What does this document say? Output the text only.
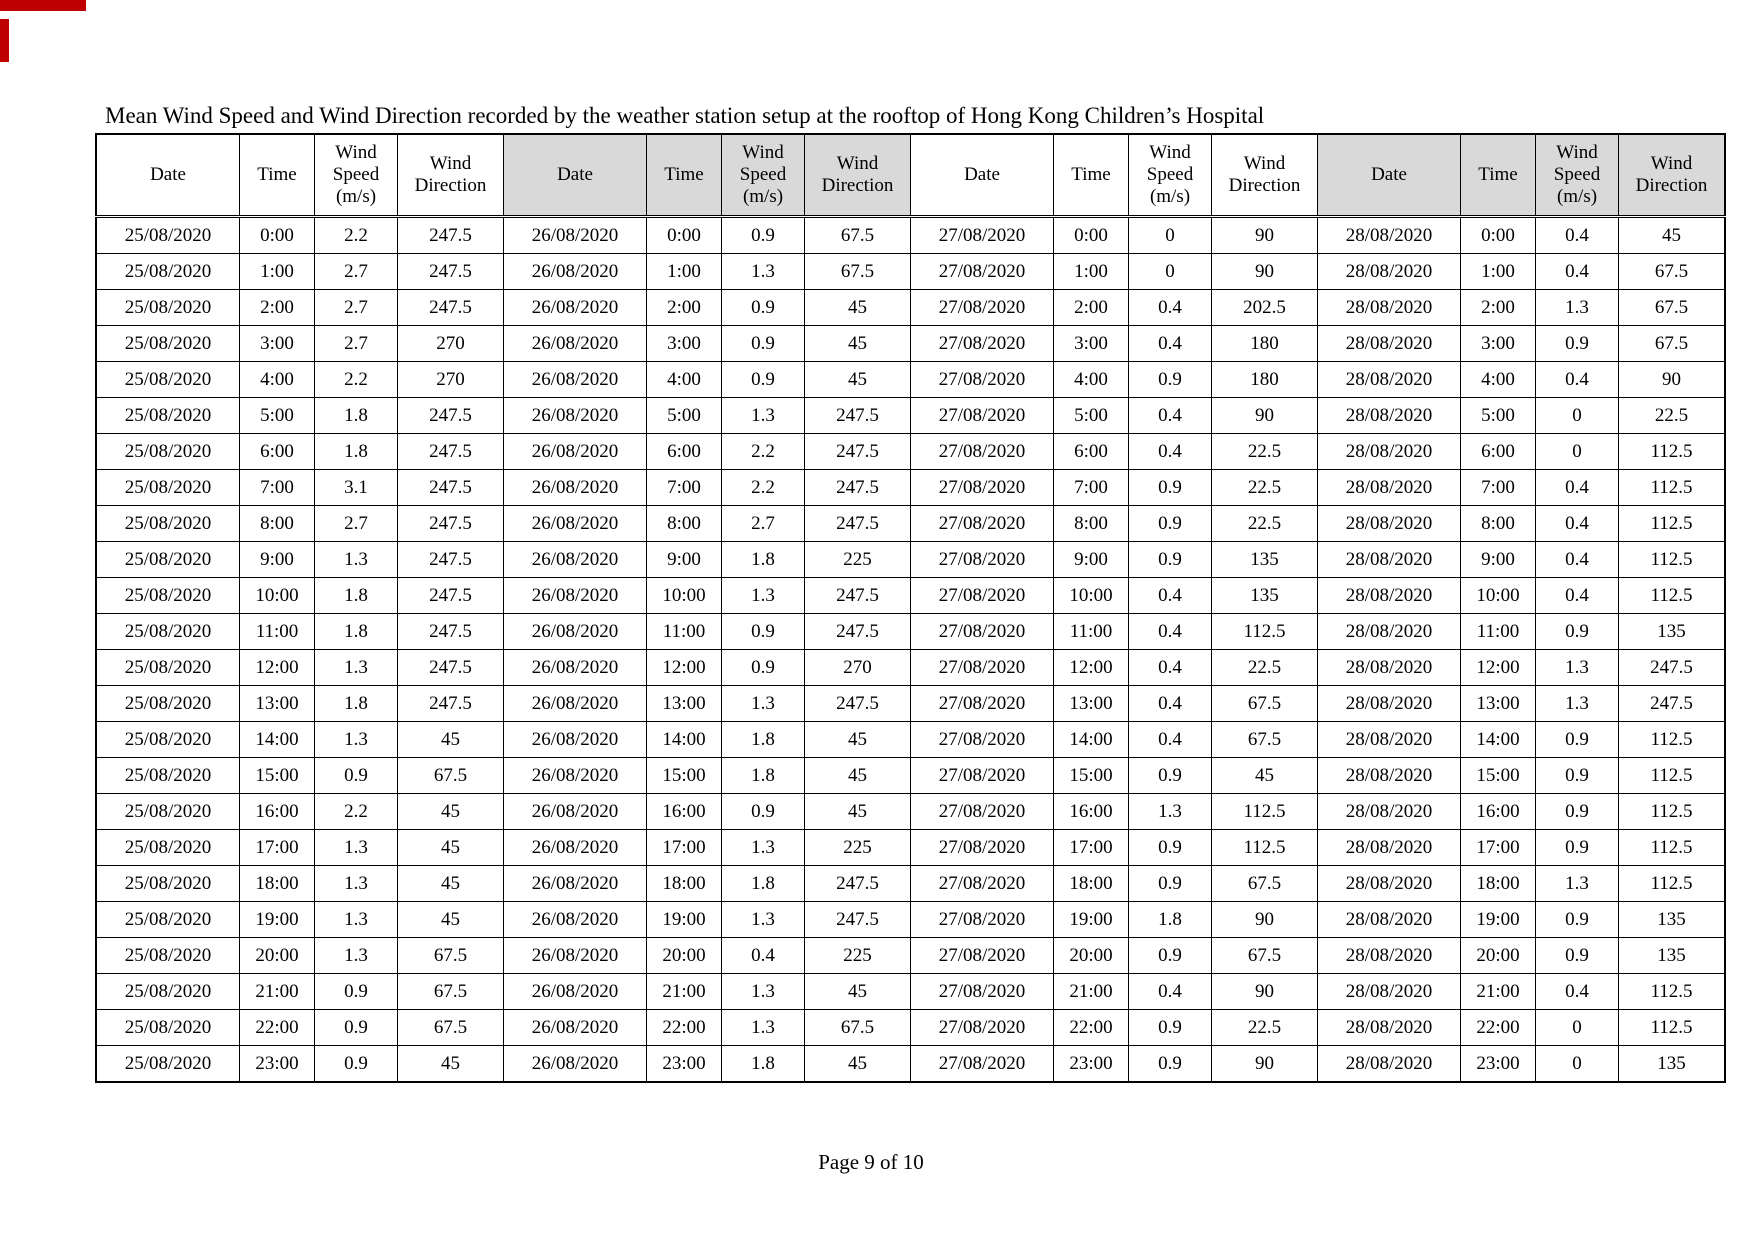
Mean Wind Speed and Wind Direction recorded by the weather station setup at the rooftop of Hong Kong Children’s Hospital
Date	Time	Wind Speed (m/s)	Wind Direction	Date	Time	Wind Speed (m/s)	Wind Direction	Date	Time	Wind Speed (m/s)	Wind Direction	Date	Time	Wind Speed (m/s)	Wind Direction
25/08/2020	0:00	2.2	247.5	26/08/2020	0:00	0.9	67.5	27/08/2020	0:00	0	90	28/08/2020	0:00	0.4	45
25/08/2020	1:00	2.7	247.5	26/08/2020	1:00	1.3	67.5	27/08/2020	1:00	0	90	28/08/2020	1:00	0.4	67.5
25/08/2020	2:00	2.7	247.5	26/08/2020	2:00	0.9	45	27/08/2020	2:00	0.4	202.5	28/08/2020	2:00	1.3	67.5
25/08/2020	3:00	2.7	270	26/08/2020	3:00	0.9	45	27/08/2020	3:00	0.4	180	28/08/2020	3:00	0.9	67.5
25/08/2020	4:00	2.2	270	26/08/2020	4:00	0.9	45	27/08/2020	4:00	0.9	180	28/08/2020	4:00	0.4	90
25/08/2020	5:00	1.8	247.5	26/08/2020	5:00	1.3	247.5	27/08/2020	5:00	0.4	90	28/08/2020	5:00	0	22.5
25/08/2020	6:00	1.8	247.5	26/08/2020	6:00	2.2	247.5	27/08/2020	6:00	0.4	22.5	28/08/2020	6:00	0	112.5
25/08/2020	7:00	3.1	247.5	26/08/2020	7:00	2.2	247.5	27/08/2020	7:00	0.9	22.5	28/08/2020	7:00	0.4	112.5
25/08/2020	8:00	2.7	247.5	26/08/2020	8:00	2.7	247.5	27/08/2020	8:00	0.9	22.5	28/08/2020	8:00	0.4	112.5
25/08/2020	9:00	1.3	247.5	26/08/2020	9:00	1.8	225	27/08/2020	9:00	0.9	135	28/08/2020	9:00	0.4	112.5
25/08/2020	10:00	1.8	247.5	26/08/2020	10:00	1.3	247.5	27/08/2020	10:00	0.4	135	28/08/2020	10:00	0.4	112.5
25/08/2020	11:00	1.8	247.5	26/08/2020	11:00	0.9	247.5	27/08/2020	11:00	0.4	112.5	28/08/2020	11:00	0.9	135
25/08/2020	12:00	1.3	247.5	26/08/2020	12:00	0.9	270	27/08/2020	12:00	0.4	22.5	28/08/2020	12:00	1.3	247.5
25/08/2020	13:00	1.8	247.5	26/08/2020	13:00	1.3	247.5	27/08/2020	13:00	0.4	67.5	28/08/2020	13:00	1.3	247.5
25/08/2020	14:00	1.3	45	26/08/2020	14:00	1.8	45	27/08/2020	14:00	0.4	67.5	28/08/2020	14:00	0.9	112.5
25/08/2020	15:00	0.9	67.5	26/08/2020	15:00	1.8	45	27/08/2020	15:00	0.9	45	28/08/2020	15:00	0.9	112.5
25/08/2020	16:00	2.2	45	26/08/2020	16:00	0.9	45	27/08/2020	16:00	1.3	112.5	28/08/2020	16:00	0.9	112.5
25/08/2020	17:00	1.3	45	26/08/2020	17:00	1.3	225	27/08/2020	17:00	0.9	112.5	28/08/2020	17:00	0.9	112.5
25/08/2020	18:00	1.3	45	26/08/2020	18:00	1.8	247.5	27/08/2020	18:00	0.9	67.5	28/08/2020	18:00	1.3	112.5
25/08/2020	19:00	1.3	45	26/08/2020	19:00	1.3	247.5	27/08/2020	19:00	1.8	90	28/08/2020	19:00	0.9	135
25/08/2020	20:00	1.3	67.5	26/08/2020	20:00	0.4	225	27/08/2020	20:00	0.9	67.5	28/08/2020	20:00	0.9	135
25/08/2020	21:00	0.9	67.5	26/08/2020	21:00	1.3	45	27/08/2020	21:00	0.4	90	28/08/2020	21:00	0.4	112.5
25/08/2020	22:00	0.9	67.5	26/08/2020	22:00	1.3	67.5	27/08/2020	22:00	0.9	22.5	28/08/2020	22:00	0	112.5
25/08/2020	23:00	0.9	45	26/08/2020	23:00	1.8	45	27/08/2020	23:00	0.9	90	28/08/2020	23:00	0	135
Page 9 of 10
